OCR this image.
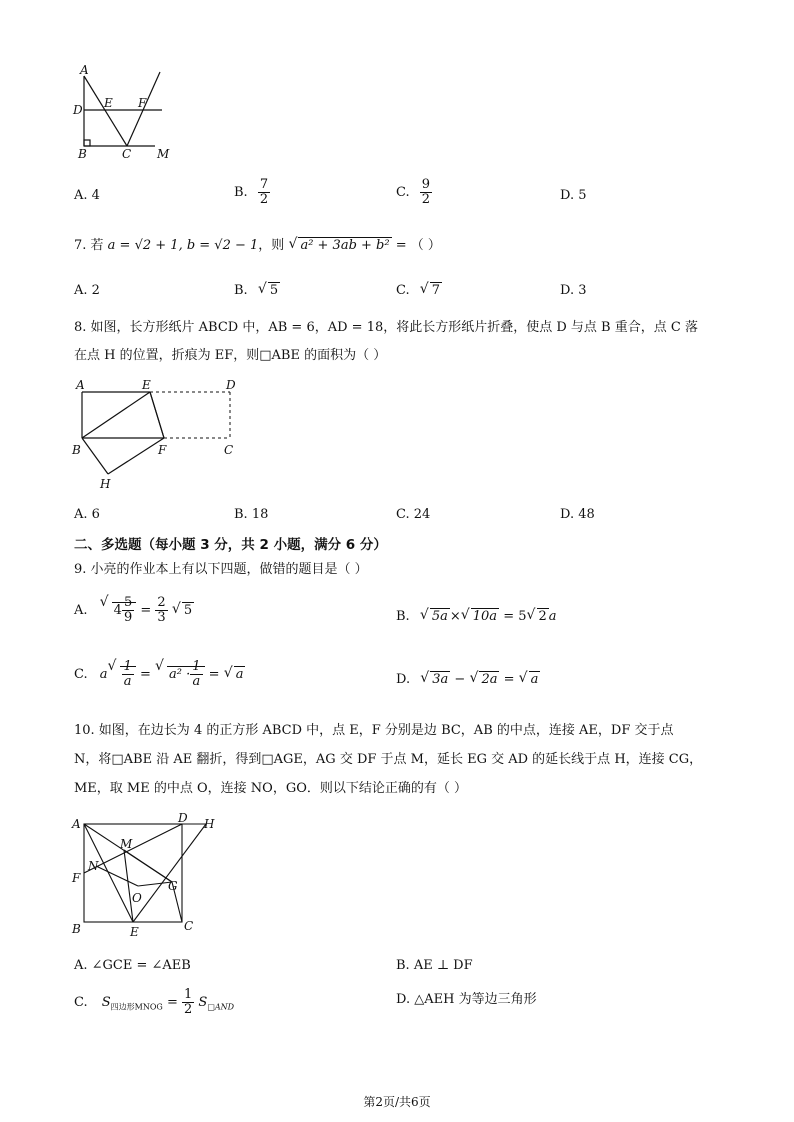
A
D E F
B	C M
A. 4	B. $\frac{7}{2}$	C. $\frac{9}{2}$	D. 5
7. 若 a = √2 + 1, b = √2 − 1，则 √ a² + 3ab + b² = （ ）
A. 2	B. √ 5	C. √ 7	D. 3
8. 如图，长方形纸片 ABCD 中，AB = 6，AD = 18，将此长方形纸片折叠，使点 D 与点 B 重合，点 C 落
在点 H 的位置，折痕为 EF，则□ABE 的面积为（ ）
A	E	D
B	F	C
H
A. 6	B. 18	C. 24	D. 48
二、多选题（每小题 3 分，共 2 小题，满分 6 分）
9. 小亮的作业本上有以下四题，做错的题目是（ ）
A. √ $4 \frac{5}{9} = \frac{2}{3}$ √ 5	B. √ 5a × √ 10a = 5 √ 2 a
C. a √ $\frac{1}{a}$ = √ $a^2 \cdot \frac{1}{a}$ = √ a	D. √ 3a − √ 2a = √ a
10. 如图，在边长为 4 的正方形 ABCD 中，点 E，F 分别是边 BC，AB 的中点，连接 AE，DF 交于点
N，将□ABE 沿 AE 翻折，得到□AGE，AG 交 DF 于点 M，延长 EG 交 AD 的延长线于点 H，连接 CG，
ME，取 ME 的中点 O，连接 NO，GO．则以下结论正确的有（ ）
A	D H
M
N
F
G
O
B	E	C
A. ∠GCE = ∠AEB	B. AE ⊥ DF
C. $S_{四边形MNOG} = \frac{1}{2} S_{□AND}$
D. △AEH 为等边三角形
第2页/共6页
